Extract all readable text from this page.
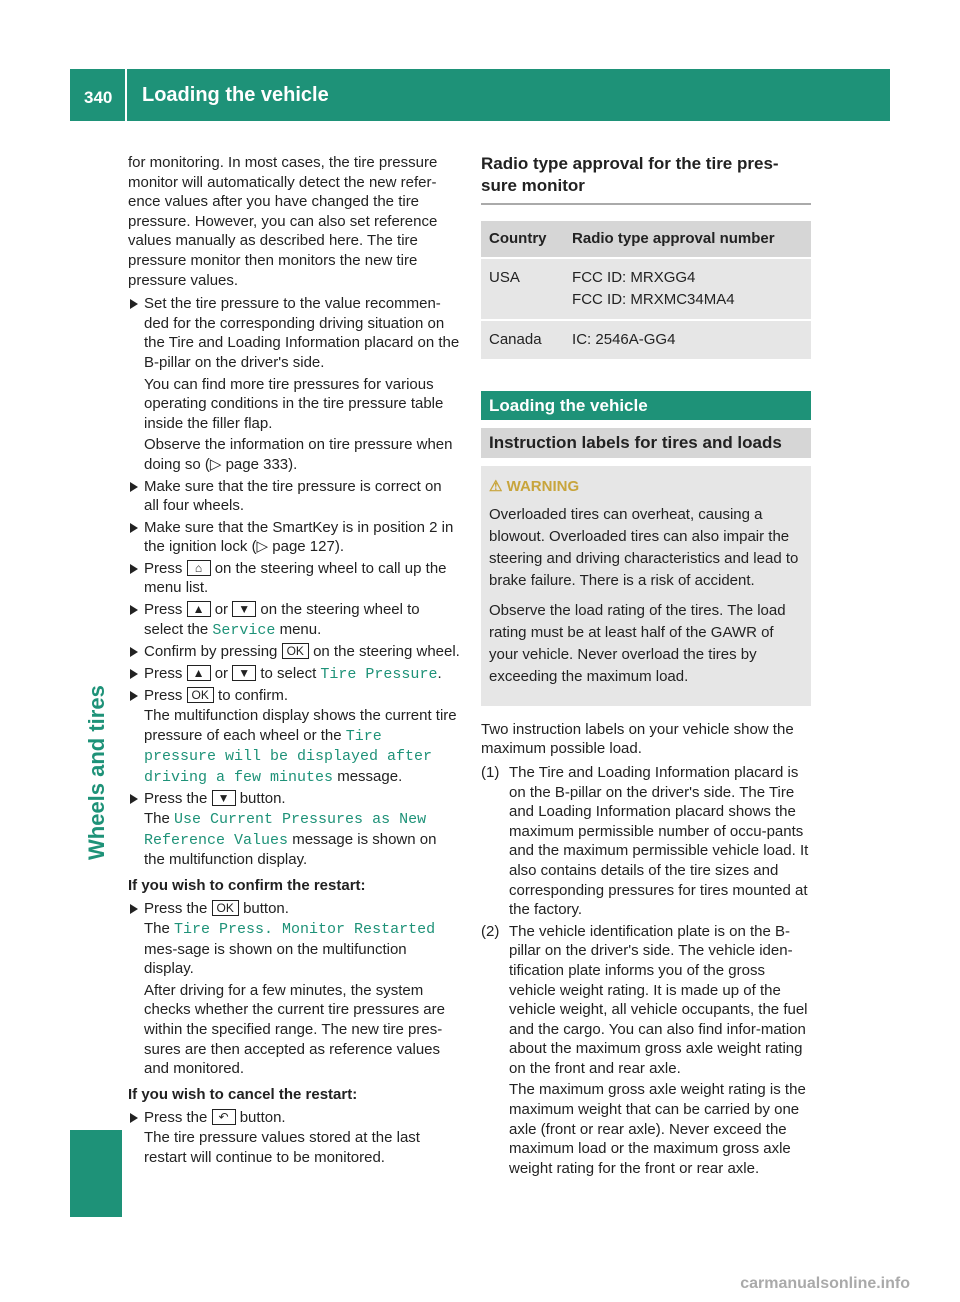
340 Loading the vehicle
Wheels and tires

for monitoring. In most cases, the tire pressure monitor will automatically detect the new refer-ence values after you have changed the tire pressure. However, you can also set reference values manually as described here. The tire pressure monitor then monitors the new tire pressure values.

Set the tire pressure to the value recommen-ded for the corresponding driving situation on the Tire and Loading Information placard on the B-pillar on the driver's side.

You can find more tire pressures for various operating conditions in the tire pressure table inside the filler flap.

Observe the information on tire pressure when doing so (▷ page 333).

Make sure that the tire pressure is correct on all four wheels.
Make sure that the SmartKey is in position 2 in the ignition lock (▷ page 127).
Press ⌂ on the steering wheel to call up the menu list.
Press ▲ or ▼ on the steering wheel to select the Service menu.
Confirm by pressing OK on the steering wheel.
Press ▲ or ▼ to select Tire Pressure.
Press OK to confirm.
The multifunction display shows the current tire pressure of each wheel or the Tire pressure will be displayed after driving a few minutes message.
Press the ▼ button.
The Use Current Pressures as New Reference Values message is shown on the multifunction display.

If you wish to confirm the restart:

Press the OK button.
The Tire Press. Monitor Restarted mes-sage is shown on the multifunction display.

After driving for a few minutes, the system checks whether the current tire pressures are within the specified range. The new tire pres-sures are then accepted as reference values and monitored.

If you wish to cancel the restart:

Press the ↶ button.
The tire pressure values stored at the last restart will continue to be monitored.
Radio type approval for the tire pres-sure monitor
Country	Radio type approval number
USA	FCC ID: MRXGG4
FCC ID: MRXMC34MA4

Canada	IC: 2546A-GG4
Loading the vehicle
Instruction labels for tires and loads
⚠ WARNING

Overloaded tires can overheat, causing a blowout. Overloaded tires can also impair the steering and driving characteristics and lead to brake failure. There is a risk of accident.

Observe the load rating of the tires. The load rating must be at least half of the GAWR of your vehicle. Never overload the tires by exceeding the maximum load.

Two instruction labels on your vehicle show the maximum possible load.

(1) The Tire and Loading Information placard is on the B-pillar on the driver's side. The Tire and Loading Information placard shows the maximum permissible number of occu-pants and the maximum permissible vehicle load. It also contains details of the tire sizes and corresponding pressures for tires mounted at the factory.
(2) The vehicle identification plate is on the B-pillar on the driver's side. The vehicle iden-tification plate informs you of the gross vehicle weight rating. It is made up of the vehicle weight, all vehicle occupants, the fuel and the cargo. You can also find infor-mation about the maximum gross axle weight rating on the front and rear axle.

The maximum gross axle weight rating is the maximum weight that can be carried by one axle (front or rear axle). Never exceed the maximum load or the maximum gross axle weight rating for the front or rear axle.

carmanualsonline.info
